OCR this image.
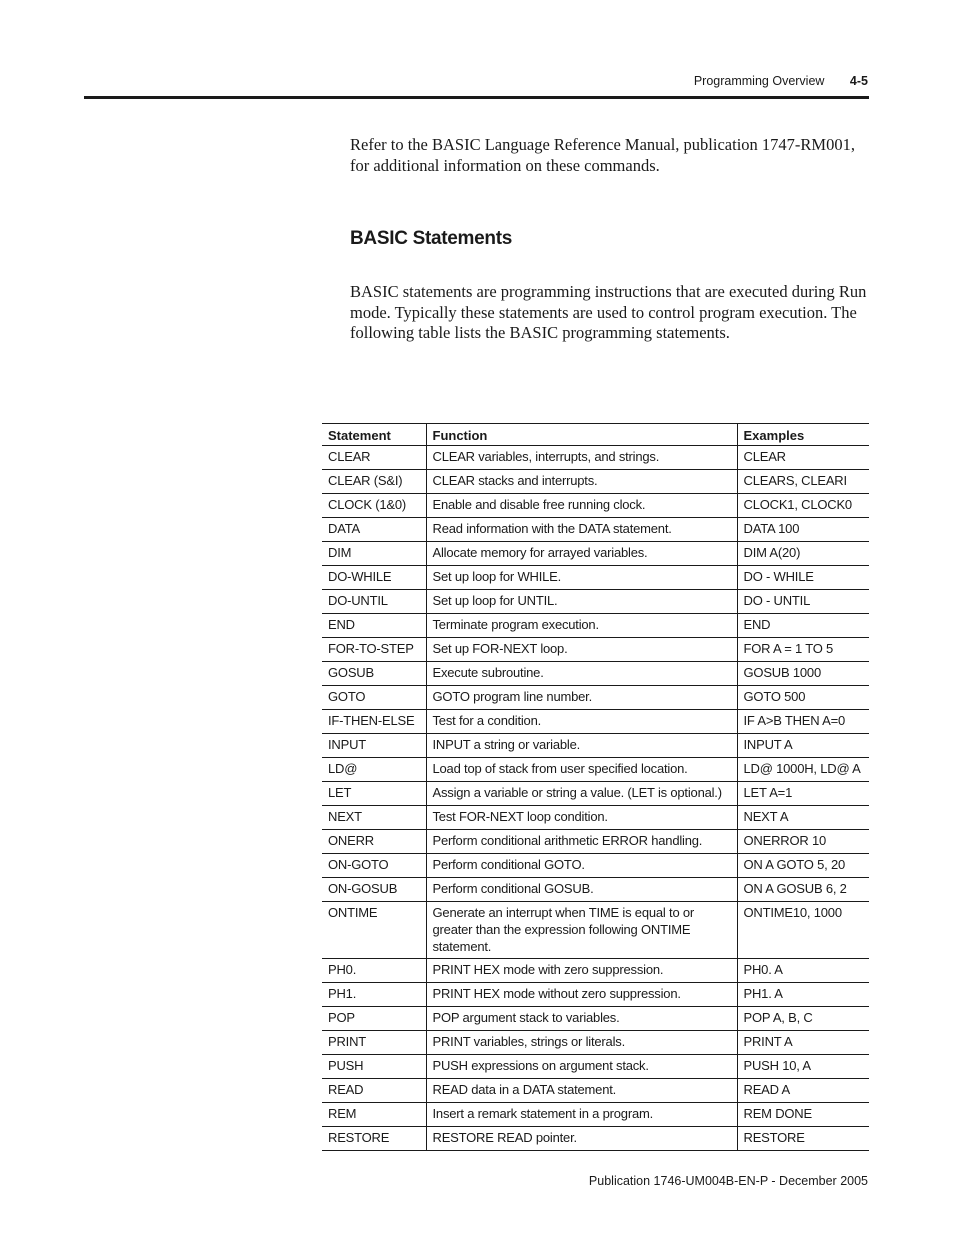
Programming Overview 4-5

Refer to the BASIC Language Reference Manual, publication 1747-RM001, for additional information on these commands.

BASIC Statements

BASIC statements are programming instructions that are executed during Run mode. Typically these statements are used to control program execution. The following table lists the BASIC programming statements.

Statement	Function	Examples
CLEAR	CLEAR variables, interrupts, and strings.	CLEAR
CLEAR (S&I)	CLEAR stacks and interrupts.	CLEARS, CLEARI
CLOCK (1&0)	Enable and disable free running clock.	CLOCK1, CLOCK0
DATA	Read information with the DATA statement.	DATA 100
DIM	Allocate memory for arrayed variables.	DIM A(20)
DO-WHILE	Set up loop for WHILE.	DO - WHILE
DO-UNTIL	Set up loop for UNTIL.	DO - UNTIL
END	Terminate program execution.	END
FOR-TO-STEP	Set up FOR-NEXT loop.	FOR A = 1 TO 5
GOSUB	Execute subroutine.	GOSUB 1000
GOTO	GOTO program line number.	GOTO 500
IF-THEN-ELSE	Test for a condition.	IF A>B THEN A=0
INPUT	INPUT a string or variable.	INPUT A
LD@	Load top of stack from user specified location.	LD@ 1000H, LD@ A
LET	Assign a variable or string a value. (LET is optional.)	LET A=1
NEXT	Test FOR-NEXT loop condition.	NEXT A
ONERR	Perform conditional arithmetic ERROR handling.	ONERROR 10
ON-GOTO	Perform conditional GOTO.	ON A GOTO 5, 20
ON-GOSUB	Perform conditional GOSUB.	ON A GOSUB 6, 2
ONTIME	Generate an interrupt when TIME is equal to or greater than the expression following ONTIME statement.	ONTIME10, 1000
PH0.	PRINT HEX mode with zero suppression.	PH0. A
PH1.	PRINT HEX mode without zero suppression.	PH1. A
POP	POP argument stack to variables.	POP A, B, C
PRINT	PRINT variables, strings or literals.	PRINT A
PUSH	PUSH expressions on argument stack.	PUSH 10, A
READ	READ data in a DATA statement.	READ A
REM	Insert a remark statement in a program.	REM DONE
RESTORE	RESTORE READ pointer.	RESTORE
Publication 1746-UM004B-EN-P - December 2005
